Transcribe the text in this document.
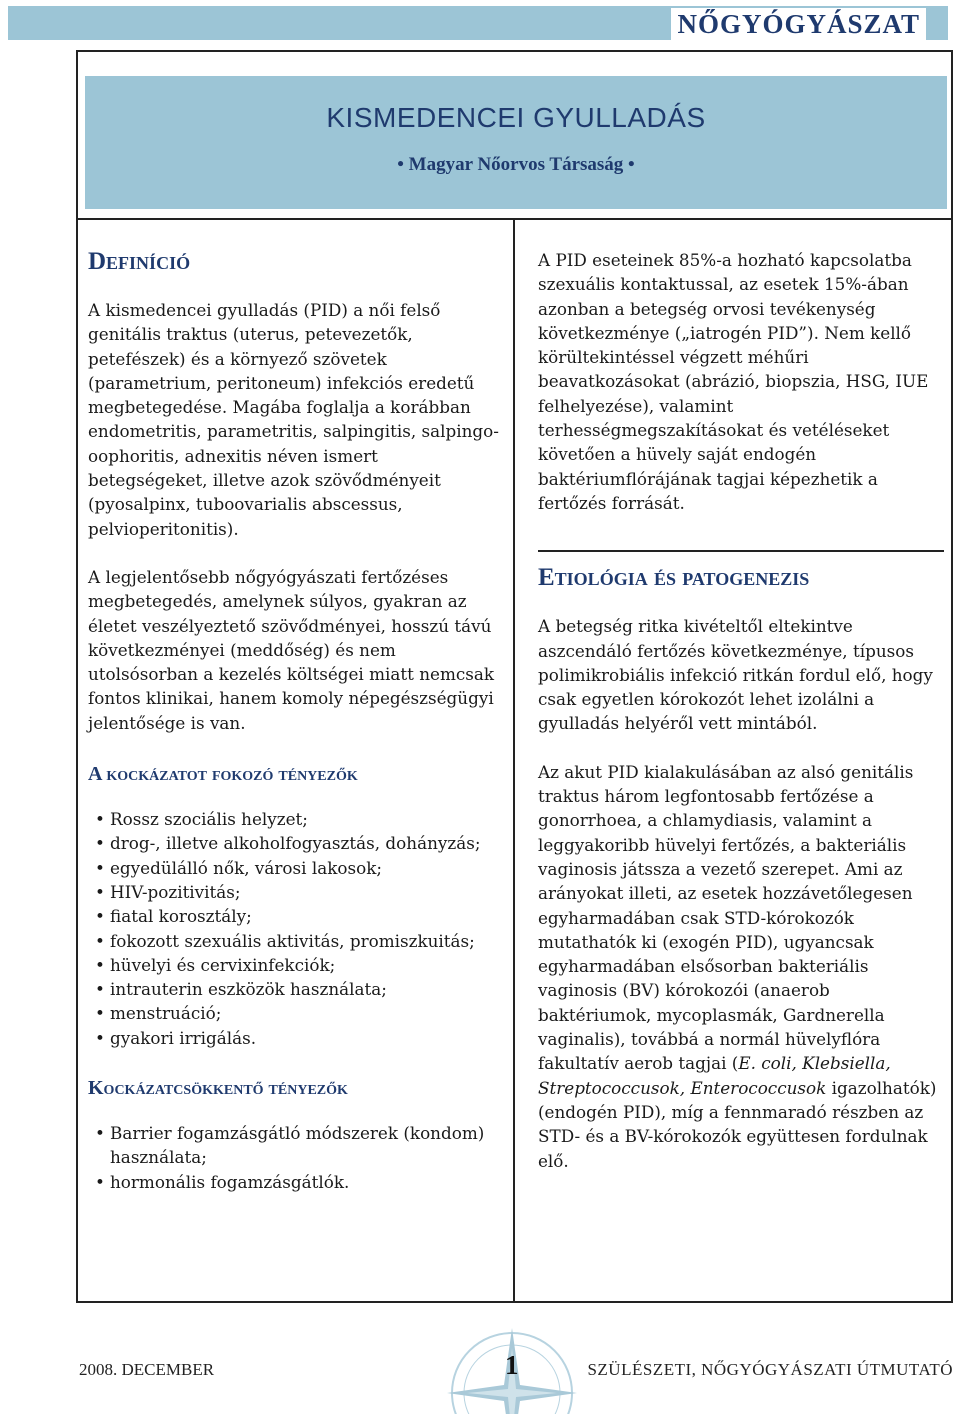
NŐGYÓGYÁSZAT
KISMEDENCEI GYULLADÁS
• Magyar Nőorvos Társaság •
Definíció

A kismedencei gyulladás (PID) a női felső genitális traktus (uterus, petevezetők, petefészek) és a környező szövetek (parametrium, peritoneum) infekciós eredetű megbetegedése. Magába foglalja a korábban endometritis, parametritis, salpingitis, salpingo-oophoritis, adnexitis néven ismert betegségeket, illetve azok szövődményeit (pyosalpinx, tuboovarialis abscessus, pelvioperitonitis).

A legjelentősebb nőgyógyászati fertőzéses megbetegedés, amelynek súlyos, gyakran az életet veszélyeztető szövődményei, hosszú távú következményei (meddőség) és nem utolsósorban a kezelés költségei miatt nemcsak fontos klinikai, hanem komoly népegészségügyi jelentősége is van.

A kockázatot fokozó tényezők
• Rossz szociális helyzet;
• drog-, illetve alkoholfogyasztás, dohányzás;
• egyedülálló nők, városi lakosok;
• HIV-pozitivitás;
• fiatal korosztály;
• fokozott szexuális aktivitás, promiszkuitás;
• hüvelyi és cervixinfekciók;
• intrauterin eszközök használata;
• menstruáció;
• gyakori irrigálás.
Kockázatcsökkentő tényezők
• Barrier fogamzásgátló módszerek (kondom) használata;
• hormonális fogamzásgátlók.

A PID eseteinek 85%-a hozható kapcsolatba szexuális kontaktussal, az esetek 15%-ában azonban a betegség orvosi tevékenység következménye („iatrogén PID”). Nem kellő körültekintéssel végzett méhűri beavatkozásokat (abrázió, biopszia, HSG, IUE felhelyezése), valamint terhességmegszakításokat és vetéléseket követően a hüvely saját endogén baktériumflórájának tagjai képezhetik a fertőzés forrását.

Etiológia és patogenezis

A betegség ritka kivételtől eltekintve aszcendáló fertőzés következménye, típusos polimikrobiális infekció ritkán fordul elő, hogy csak egyetlen kórokozót lehet izolálni a gyulladás helyéről vett mintából.

Az akut PID kialakulásában az alsó genitális traktus három legfontosabb fertőzése a gonorrhoea, a chlamydiasis, valamint a leggyakoribb hüvelyi fertőzés, a bakteriális vaginosis játssza a vezető szerepet. Ami az arányokat illeti, az esetek hozzávetőlegesen egyharmadában csak STD-kórokozók mutathatók ki (exogén PID), ugyancsak egyharmadában elsősorban bakteriális vaginosis (BV) kórokozói (anaerob baktériumok, mycoplasmák, Gardnerella vaginalis), továbbá a normál hüvelyflóra fakultatív aerob tagjai (E. coli, Klebsiella, Streptococcusok, Enterococcusok igazolhatók) (endogén PID), míg a fennmaradó részben az STD- és a BV-kórokozók együttesen fordulnak elő.

2008. DECEMBER	1	SZÜLÉSZETI, NŐGYÓGYÁSZATI ÚTMUTATÓ
